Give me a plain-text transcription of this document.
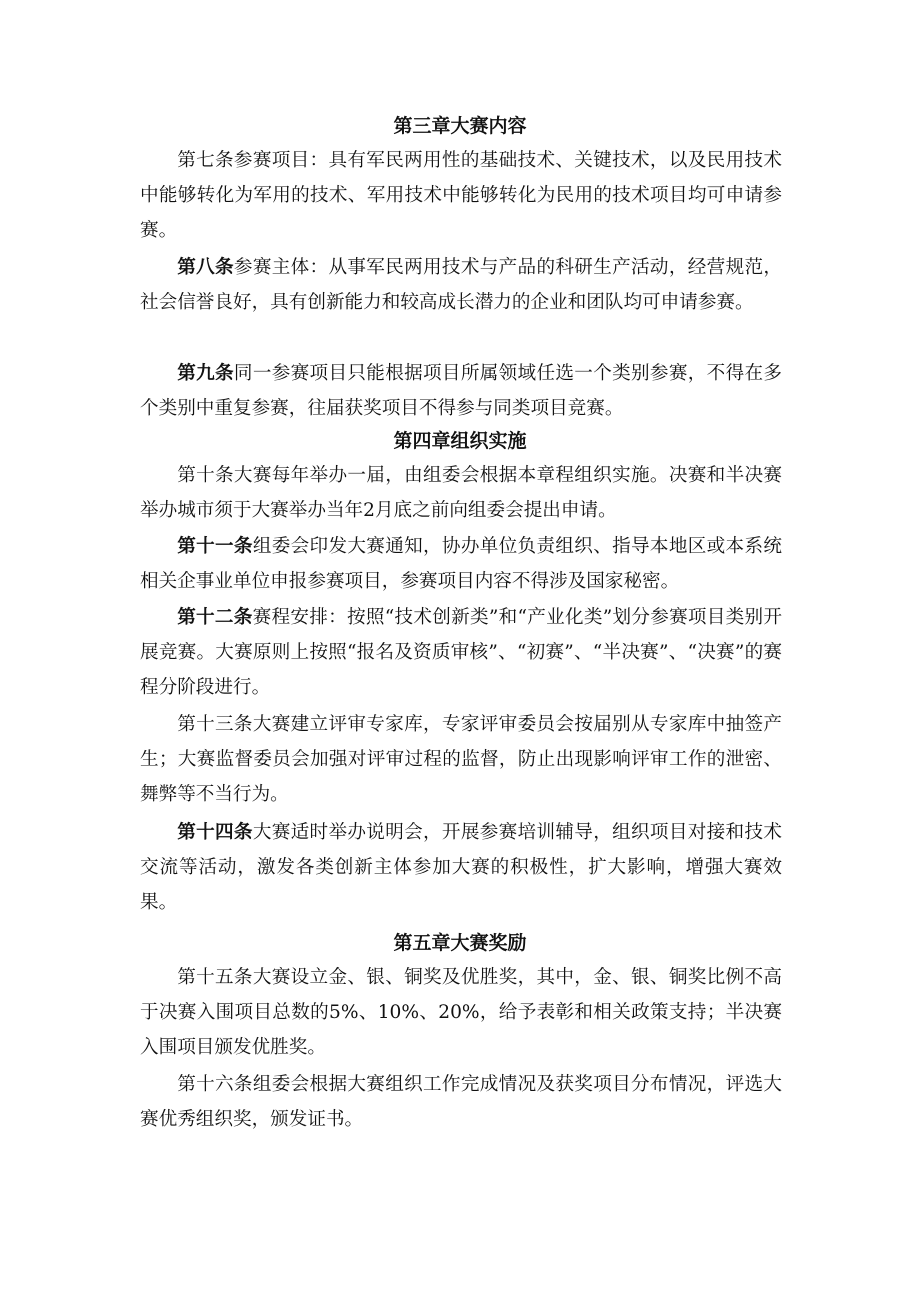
第三章大赛内容

第七条参赛项目：具有军民两用性的基础技术、关键技术，以及民用技术中能够转化为军用的技术、军用技术中能够转化为民用的技术项目均可申请参赛。

第八条参赛主体：从事军民两用技术与产品的科研生产活动，经营规范，社会信誉良好，具有创新能力和较高成长潜力的企业和团队均可申请参赛。

第九条同一参赛项目只能根据项目所属领域任选一个类别参赛，不得在多个类别中重复参赛，往届获奖项目不得参与同类项目竞赛。

第四章组织实施

第十条大赛每年举办一届，由组委会根据本章程组织实施。决赛和半决赛举办城市须于大赛举办当年2月底之前向组委会提出申请。

第十一条组委会印发大赛通知，协办单位负责组织、指导本地区或本系统相关企事业单位申报参赛项目，参赛项目内容不得涉及国家秘密。

第十二条赛程安排：按照“技术创新类”和“产业化类”划分参赛项目类别开展竞赛。大赛原则上按照“报名及资质审核”、“初赛”、“半决赛”、“决赛”的赛程分阶段进行。

第十三条大赛建立评审专家库，专家评审委员会按届别从专家库中抽签产生；大赛监督委员会加强对评审过程的监督，防止出现影响评审工作的泄密、舞弊等不当行为。

第十四条大赛适时举办说明会，开展参赛培训辅导，组织项目对接和技术交流等活动，激发各类创新主体参加大赛的积极性，扩大影响，增强大赛效果。

第五章大赛奖励

第十五条大赛设立金、银、铜奖及优胜奖，其中，金、银、铜奖比例不高于决赛入围项目总数的5%、10%、20%，给予表彰和相关政策支持；半决赛入围项目颁发优胜奖。

第十六条组委会根据大赛组织工作完成情况及获奖项目分布情况，评选大赛优秀组织奖，颁发证书。
